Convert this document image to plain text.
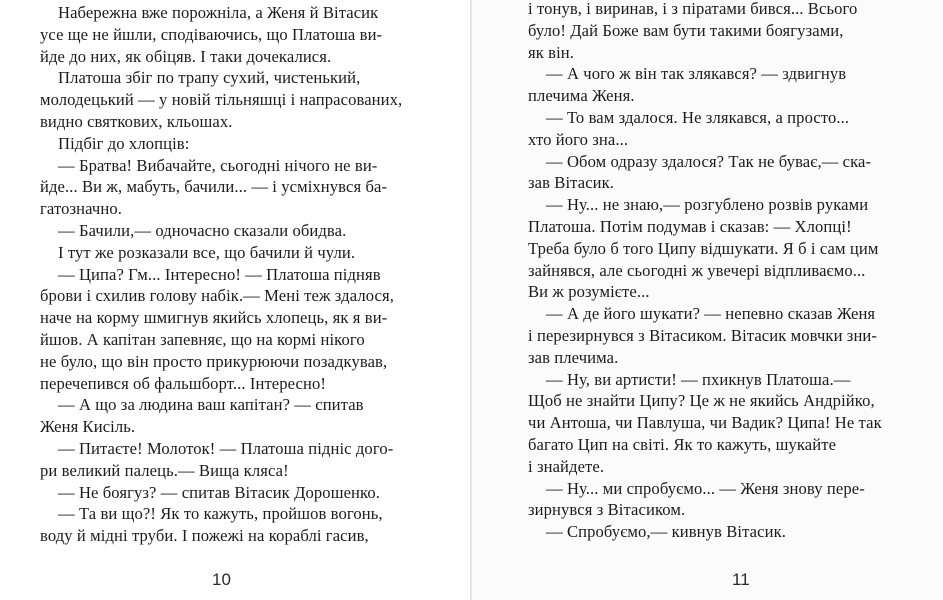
Набережна вже порожніла, а Женя й Вітасик
усе ще не йшли, сподіваючись, що Платоша ви-
йде до них, як обіцяв. І таки дочекалися.

Платоша збіг по трапу сухий, чистенький,
молодецький — у новій тільняшці і напрасованих,
видно святкових, кльошах.

Підбіг до хлопців:

— Братва! Вибачайте, сьогодні нічого не ви-
йде... Ви ж, мабуть, бачили... — і усміхнувся ба-
гатозначно.

— Бачили,— одночасно сказали обидва.

І тут же розказали все, що бачили й чули.

— Ципа? Гм... Інтересно! — Платоша підняв
брови і схилив голову набік.— Мені теж здалося,
наче на корму шмигнув якийсь хлопець, як я ви-
йшов. А капітан запевняє, що на кормі нікого
не було, що він просто прикурюючи позадкував,
перечепився об фальшборт... Інтересно!

— А що за людина ваш капітан? — спитав
Женя Кисіль.

— Питаєте! Молоток! — Платоша підніс дого-
ри великий палець.— Вища кляса!

— Не боягуз? — спитав Вітасик Дорошенко.

— Та ви що?! Як то кажуть, пройшов вогонь,
воду й мідні труби. І пожежі на кораблі гасив,

10

і тонув, і виринав, і з піратами бився... Всього
було! Дай Боже вам бути такими боягузами,
як він.

— А чого ж він так злякався? — здвигнув
плечима Женя.

— То вам здалося. Не злякався, а просто...
хто його зна...

— Обом одразу здалося? Так не буває,— ска-
зав Вітасик.

— Ну... не знаю,— розгублено розвів руками
Платоша. Потім подумав і сказав: — Хлопці!
Треба було б того Ципу відшукати. Я б і сам цим
зайнявся, але сьогодні ж увечері відпливаємо...
Ви ж розумієте...

— А де його шукати? — непевно сказав Женя
і перезирнувся з Вітасиком. Вітасик мовчки зни-
зав плечима.

— Ну, ви артисти! — пхикнув Платоша.—
Щоб не знайти Ципу? Це ж не якийсь Андрійко,
чи Антоша, чи Павлуша, чи Вадик? Ципа! Не так
багато Цип на світі. Як то кажуть, шукайте
і знайдете.

— Ну... ми спробуємо... — Женя знову пере-
зирнувся з Вітасиком.

— Спробуємо,— кивнув Вітасик.

11
